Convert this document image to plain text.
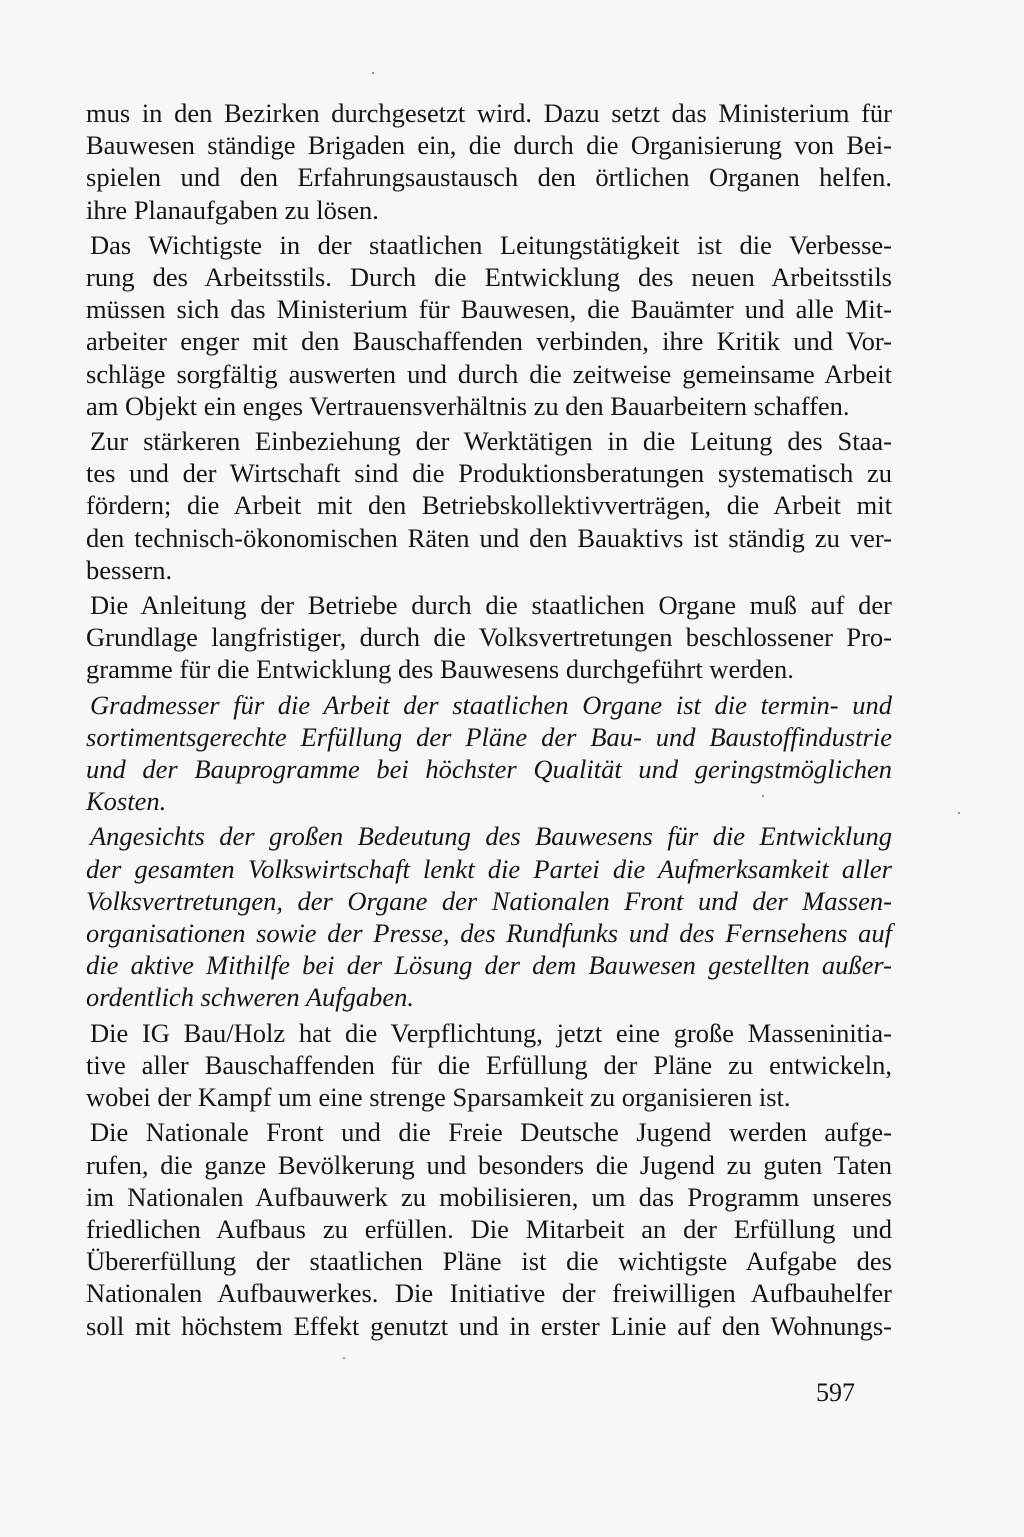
mus in den Bezirken durchgesetzt wird. Dazu setzt das Ministerium für
Bauwesen ständige Brigaden ein, die durch die Organisierung von Bei-
spielen und den Erfahrungsaustausch den örtlichen Organen helfen.
ihre Planaufgaben zu lösen.
Das Wichtigste in der staatlichen Leitungstätigkeit ist die Verbesse-
rung des Arbeitsstils. Durch die Entwicklung des neuen Arbeitsstils
müssen sich das Ministerium für Bauwesen, die Bauämter und alle Mit-
arbeiter enger mit den Bauschaffenden verbinden, ihre Kritik und Vor-
schläge sorgfältig auswerten und durch die zeitweise gemeinsame Arbeit
am Objekt ein enges Vertrauensverhältnis zu den Bauarbeitern schaffen.
Zur stärkeren Einbeziehung der Werktätigen in die Leitung des Staa-
tes und der Wirtschaft sind die Produktionsberatungen systematisch zu
fördern; die Arbeit mit den Betriebskollektivverträgen, die Arbeit mit
den technisch-ökonomischen Räten und den Bauaktivs ist ständig zu ver-
bessern.
Die Anleitung der Betriebe durch die staatlichen Organe muß auf der
Grundlage langfristiger, durch die Volksvertretungen beschlossener Pro-
gramme für die Entwicklung des Bauwesens durchgeführt werden.
Gradmesser für die Arbeit der staatlichen Organe ist die termin- und
sortimentsgerechte Erfüllung der Pläne der Bau- und Baustoffindustrie
und der Bauprogramme bei höchster Qualität und geringstmöglichen
Kosten.
Angesichts der großen Bedeutung des Bauwesens für die Entwicklung
der gesamten Volkswirtschaft lenkt die Partei die Aufmerksamkeit aller
Volksvertretungen, der Organe der Nationalen Front und der Massen-
organisationen sowie der Presse, des Rundfunks und des Fernsehens auf
die aktive Mithilfe bei der Lösung der dem Bauwesen gestellten außer-
ordentlich schweren Aufgaben.
Die IG Bau/Holz hat die Verpflichtung, jetzt eine große Masseninitia-
tive aller Bauschaffenden für die Erfüllung der Pläne zu entwickeln,
wobei der Kampf um eine strenge Sparsamkeit zu organisieren ist.
Die Nationale Front und die Freie Deutsche Jugend werden aufge-
rufen, die ganze Bevölkerung und besonders die Jugend zu guten Taten
im Nationalen Aufbauwerk zu mobilisieren, um das Programm unseres
friedlichen Aufbaus zu erfüllen. Die Mitarbeit an der Erfüllung und
Übererfüllung der staatlichen Pläne ist die wichtigste Aufgabe des
Nationalen Aufbauwerkes. Die Initiative der freiwilligen Aufbauhelfer
soll mit höchstem Effekt genutzt und in erster Linie auf den Wohnungs-
597
